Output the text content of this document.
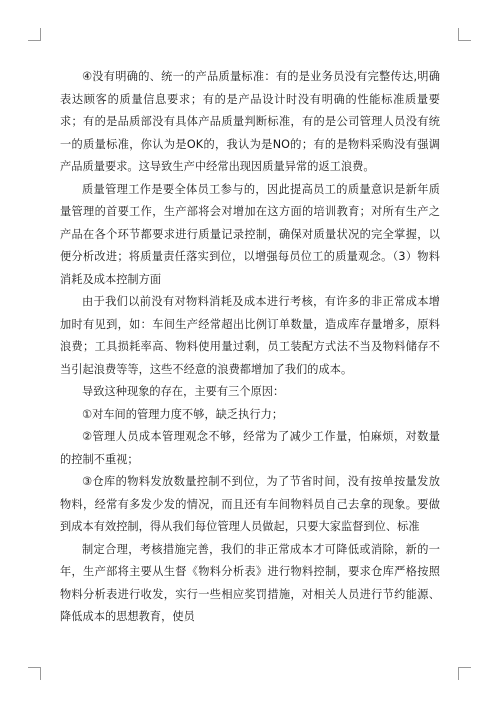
④没有明确的、统一的产品质量标准：有的是业务员没有完整传达,明确表达顾客的质量信息要求；有的是产品设计时没有明确的性能标准质量要求；有的是品质部没有具体产品质量判断标准，有的是公司管理人员没有统一的质量标准，你认为是OK的，我认为是NO的；有的是物料采购没有强调产品质量要求。这导致生产中经常出现因质量异常的返工浪费。

质量管理工作是要全体员工参与的，因此提高员工的质量意识是新年质量管理的首要工作，生产部将会对增加在这方面的培训教育；对所有生产之产品在各个环节都要求进行质量记录控制，确保对质量状况的完全掌握，以便分析改进；将质量责任落实到位，以增强每员位工的质量观念。（3）物料消耗及成本控制方面

由于我们以前没有对物料消耗及成本进行考核，有许多的非正常成本增加时有见到，如：车间生产经常超出比例订单数量，造成库存量增多，原料浪费；工具损耗率高、物料使用量过剩，员工装配方式法不当及物料储存不当引起浪费等等，这些不经意的浪费都增加了我们的成本。

导致这种现象的存在，主要有三个原因：

①对车间的管理力度不够，缺乏执行力；

②管理人员成本管理观念不够，经常为了减少工作量，怕麻烦，对数量的控制不重视；

③仓库的物料发放数量控制不到位，为了节省时间，没有按单按量发放物料，经常有多发少发的情况，而且还有车间物料员自己去拿的现象。要做到成本有效控制，得从我们每位管理人员做起，只要大家监督到位、标准

制定合理，考核措施完善，我们的非正常成本才可降低或消除，新的一年，生产部将主要从生督《物料分析表》进行物料控制，要求仓库严格按照物料分析表进行收发，实行一些相应奖罚措施，对相关人员进行节约能源、降低成本的思想教育，使员
